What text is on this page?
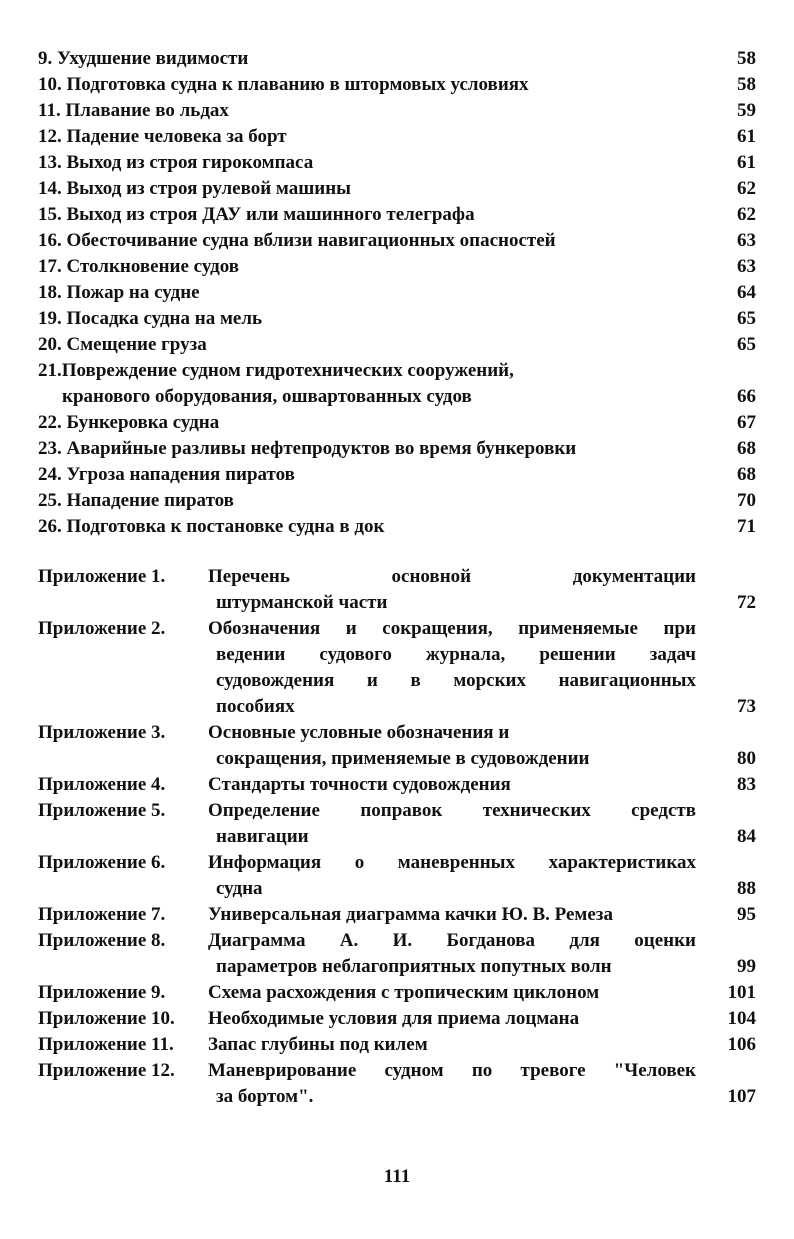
9. Ухудшение видимости	58
10. Подготовка судна к плаванию в штормовых условиях	58
11. Плавание во льдах	59
12. Падение человека за борт	61
13. Выход из строя гирокомпаса	61
14. Выход из строя рулевой машины	62
15. Выход из строя ДАУ или машинного телеграфа	62
16. Обесточивание судна вблизи навигационных опасностей	63
17. Столкновение судов	63
18. Пожар на судне	64
19. Посадка судна на мель	65
20. Смещение груза	65
21.Повреждение судном гидротехнических сооружений,
кранового оборудования, ошвартованных судов	66
22. Бункеровка судна	67
23. Аварийные разливы нефтепродуктов во время бункеровки	68
24. Угроза нападения пиратов	68
25. Нападение пиратов	70
26. Подготовка к постановке судна в док	71
Приложение 1.	Перечень основной документации
штурманской части	72
Приложение 2.	Обозначения и сокращения, применяемые при
ведении судового журнала, решении задач
судовождения и в морских навигационных
пособиях	73
Приложение 3.	Основные условные обозначения и
сокращения, применяемые в судовождении	80
Приложение 4.	Стандарты точности судовождения	83
Приложение 5.	Определение поправок технических средств
навигации	84
Приложение 6.	Информация о маневренных характеристиках
судна	88
Приложение 7.	Универсальная диаграмма качки Ю. В. Ремеза	95
Приложение 8.	Диаграмма А. И. Богданова для оценки
параметров неблагоприятных попутных волн	99
Приложение 9.	Схема расхождения с тропическим циклоном	101
Приложение 10.	Необходимые условия для приема лоцмана	104
Приложение 11.	Запас глубины под килем	106
Приложение 12.	Маневрирование судном по тревоге "Человек
за бортом".	107
111
